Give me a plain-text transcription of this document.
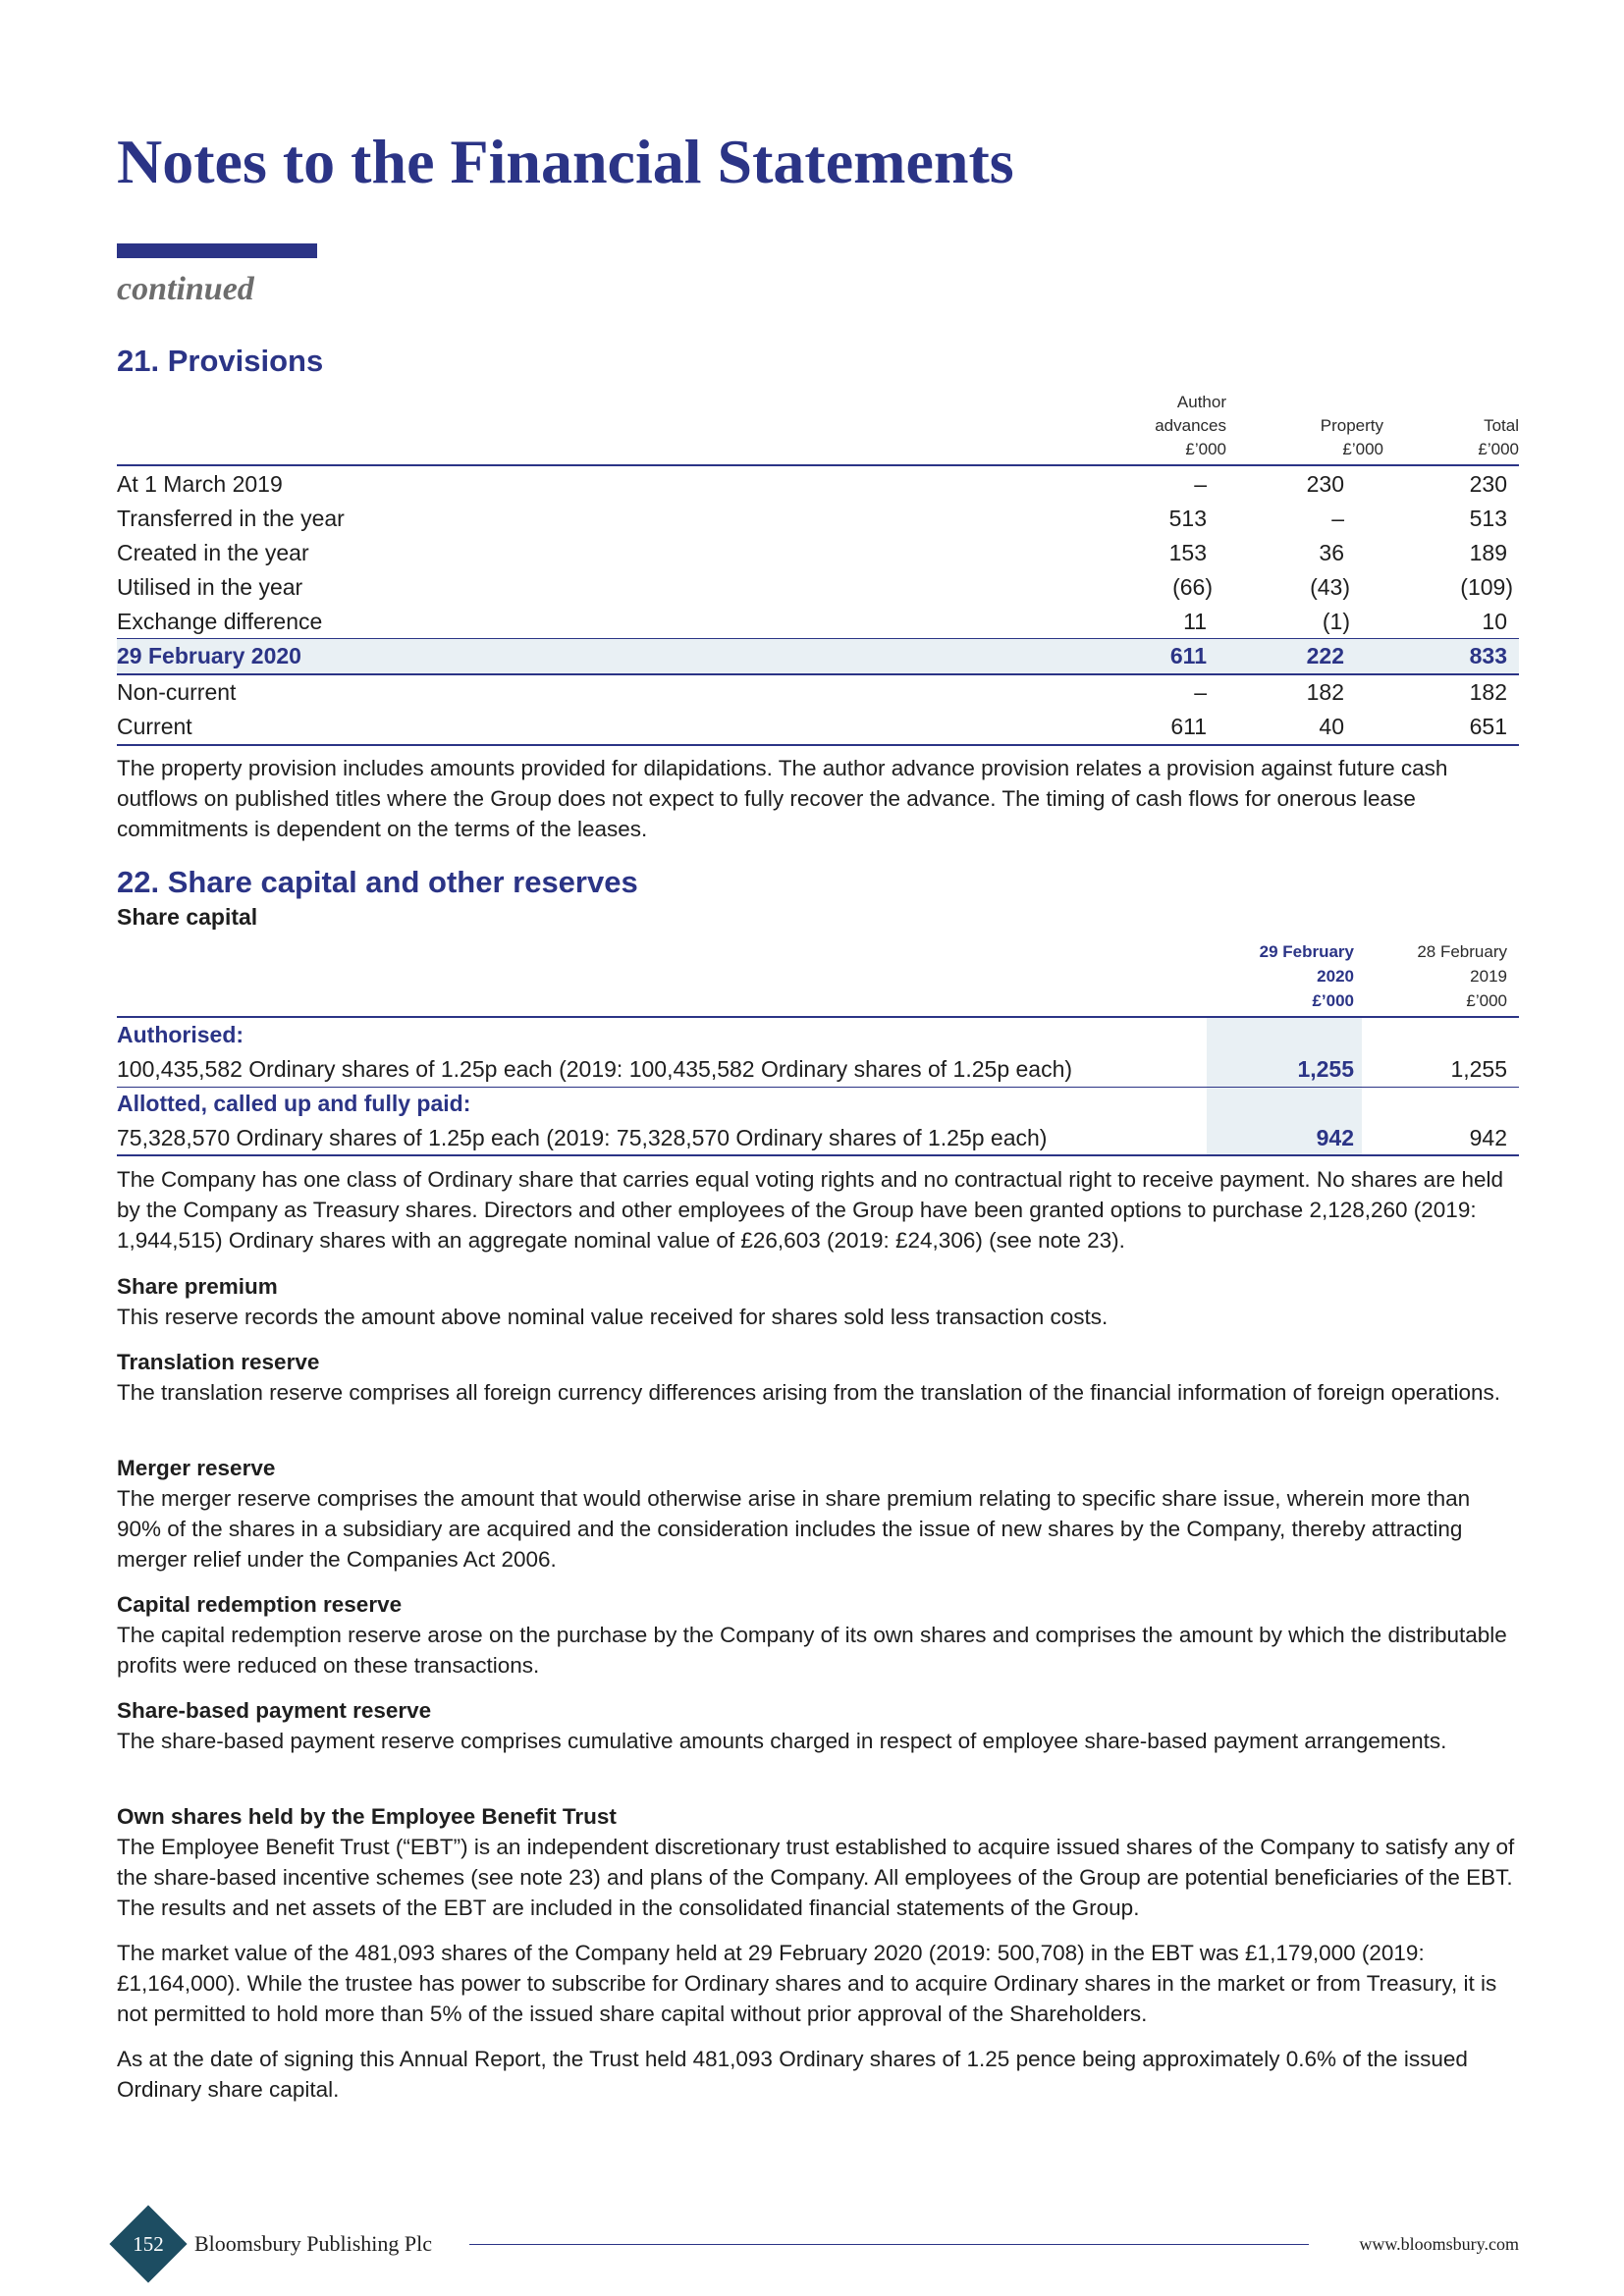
Notes to the Financial Statements
continued
21. Provisions
Author
advances
£’000

Property
£’000

Total
£’000
At 1 March 2019	–	230	230
Transferred in the year	513	–	513
Created in the year	153	36	189
Utilised in the year	(66)	(43)	(109)
Exchange difference	11	(1)	10
29 February 2020	611	222	833
Non-current	–	182	182
Current	611	40	651

The property provision includes amounts provided for dilapidations. The author advance provision relates a provision against future cash outflows on published titles where the Group does not expect to fully recover the advance. The timing of cash flows for onerous lease commitments is dependent on the terms of the leases.

22. Share capital and other reserves
Share capital
29 February
2020
£’000
28 February
2019
£’000
Authorised:
100,435,582 Ordinary shares of 1.25p each (2019: 100,435,582 Ordinary shares of 1.25p each)	1,255	1,255
Allotted, called up and fully paid:
75,328,570 Ordinary shares of 1.25p each (2019: 75,328,570 Ordinary shares of 1.25p each)	942	942

The Company has one class of Ordinary share that carries equal voting rights and no contractual right to receive payment. No shares are held by the Company as Treasury shares. Directors and other employees of the Group have been granted options to purchase 2,128,260 (2019: 1,944,515) Ordinary shares with an aggregate nominal value of £26,603 (2019: £24,306) (see note 23).

Share premium

This reserve records the amount above nominal value received for shares sold less transaction costs.

Translation reserve

The translation reserve comprises all foreign currency differences arising from the translation of the financial information of foreign operations.

Merger reserve

The merger reserve comprises the amount that would otherwise arise in share premium relating to specific share issue, wherein more than 90% of the shares in a subsidiary are acquired and the consideration includes the issue of new shares by the Company, thereby attracting merger relief under the Companies Act 2006.

Capital redemption reserve

The capital redemption reserve arose on the purchase by the Company of its own shares and comprises the amount by which the distributable profits were reduced on these transactions.

Share-based payment reserve

The share-based payment reserve comprises cumulative amounts charged in respect of employee share-based payment arrangements.

Own shares held by the Employee Benefit Trust

The Employee Benefit Trust (“EBT”) is an independent discretionary trust established to acquire issued shares of the Company to satisfy any of the share-based incentive schemes (see note 23) and plans of the Company. All employees of the Group are potential beneficiaries of the EBT. The results and net assets of the EBT are included in the consolidated financial statements of the Group.

The market value of the 481,093 shares of the Company held at 29 February 2020 (2019: 500,708) in the EBT was £1,179,000 (2019: £1,164,000). While the trustee has power to subscribe for Ordinary shares and to acquire Ordinary shares in the market or from Treasury, it is not permitted to hold more than 5% of the issued share capital without prior approval of the Shareholders.

As at the date of signing this Annual Report, the Trust held 481,093 Ordinary shares of 1.25 pence being approximately 0.6% of the issued Ordinary share capital.

152	Bloomsbury Publishing Plc	www.bloomsbury.com
